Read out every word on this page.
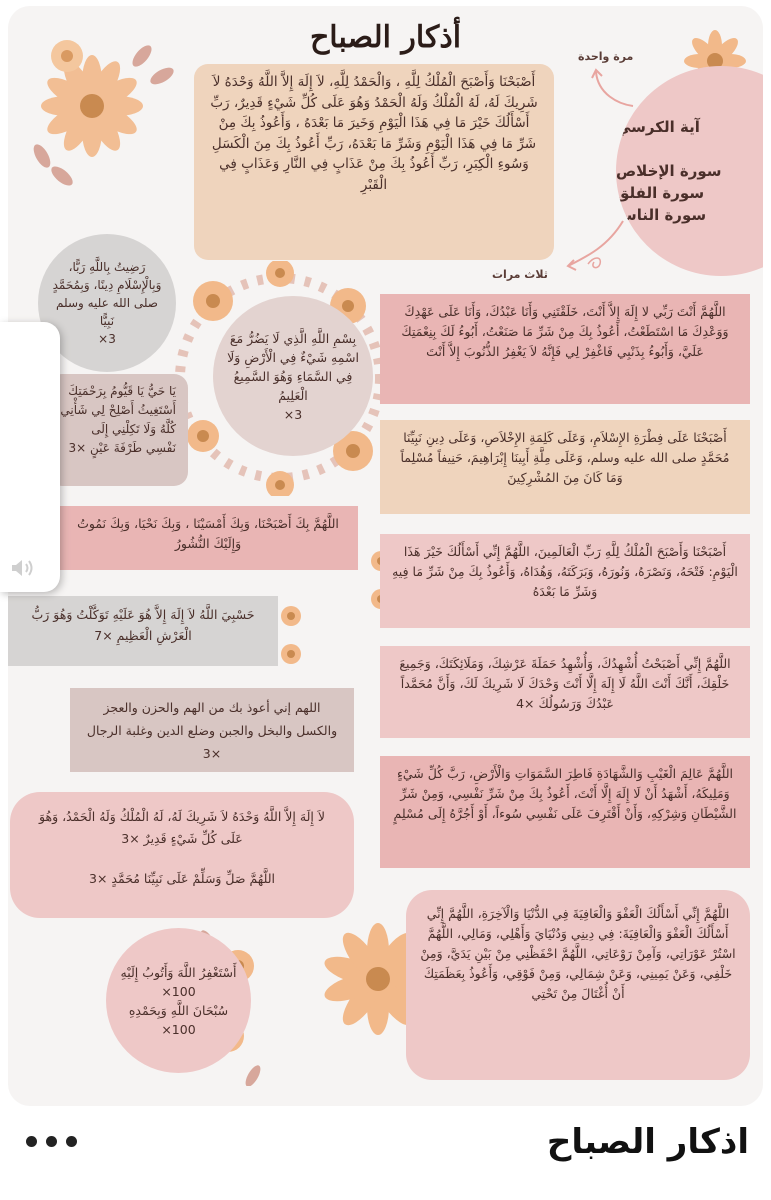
أذكار الصباح
مرة واحدة
ثلاث مرات
أَصْبَحْنَا وَأَصْبَحَ الْمُلْكُ لِلَّهِ ، وَالْحَمْدُ لِلَّهِ، لاَ إِلَهَ إِلاَّ اللَّهُ وَحْدَهُ لاَ شَرِيكَ لَهُ، لَهُ الْمُلْكُ وَلَهُ الْحَمْدُ وَهُوَ عَلَى كُلِّ شَيْءٍ قَدِيرٌ، رَبِّ أَسْأَلُكَ خَيْرَ مَا فِي هَذَا الْيَوْمِ وَخَيرَ مَا بَعْدَهُ ، وَأَعُوذُ بِكَ مِنْ شَرِّ مَا فِي هَذَا الْيَوْمِ وَشَرِّ مَا بَعْدَهُ، رَبِّ أَعُوذُ بِكَ مِنَ الْكَسَلِ وَسُوءِ الْكِبَرِ، رَبِّ أَعُوذُ بِكَ مِنْ عَذَابٍ فِي النَّارِ وَعَذَابٍ فِي الْقَبْرِ
آية الكرسي
سورة الإخلاص
سورة الفلق
سورة الناس
رَضِيتُ بِاللَّهِ رَبًّا، وَبِالْإِسْلَامِ دِينًا، وَبِمُحَمَّدٍ صلى الله عليه وسلم نَبِيًّا
×3	بِسْمِ اللَّهِ الَّذِي لَا يَضُرُّ مَعَ اسْمِهِ شَيْءٌ فِي الْأَرْضِ وَلَا فِي السَّمَاءِ وَهُوَ السَّمِيعُ الْعَلِيمُ
×3
اللَّهُمَّ أَنْتَ رَبِّي لا إِلَهَ إِلاَّ أَنْتَ، خَلَقْتَنِي وَأَنَا عَبْدُكَ، وَأَنَا عَلَى عَهْدِكَ وَوَعْدِكَ مَا اسْتَطَعْتُ، أَعُوذُ بِكَ مِنْ شَرِّ مَا صَنَعْتُ، أَبُوءُ لَكَ بِنِعْمَتِكَ عَلَيَّ، وَأَبُوءُ بِذَنْبِي فَاغْفِرْ لِي فَإِنَّهُ لاَ يَغْفِرُ الذُّنُوبَ إِلاَّ أَنْتَ
يَا حَيُّ يَا قَيُّومُ بِرَحْمَتِكَ أَسْتَغِيثُ أَصْلِحْ لِي شَأْنِي كُلَّهُ وَلَا تَكِلْنِي إِلَى نَفْسِي طَرْفَةَ عَيْنٍ ×3
أَصْبَحْنَا عَلَى فِطْرَةِ الإِسْلاَمِ، وَعَلَى كَلِمَةِ الإِخْلاَصِ، وَعَلَى دِينِ نَبِيِّنَا مُحَمَّدٍ صلى الله عليه وسلم، وَعَلَى مِلَّةِ أَبِينَا إِبْرَاهِيمَ، حَنِيفاً مُسْلِماً وَمَا كَانَ مِنَ المُشْرِكِينَ
اللَّهُمَّ بِكَ أَصْبَحْنَا، وَبِكَ أَمْسَيْنَا ، وَبِكَ نَحْيَا، وَبِكَ نَمُوتُ وَإِلَيْكَ النُّشُورُ
أَصْبَحْنَا وَأَصْبَحَ الْمُلْكُ لِلَّهِ رَبِّ الْعَالَمِينَ، اللَّهُمَّ إِنِّي أَسْأَلُكَ خَيْرَ هَذَا الْيَوْمِ: فَتْحَهُ، وَنَصْرَهُ، وَنُورَهُ، وَبَرَكَتَهُ، وَهُدَاهُ، وَأَعُوذُ بِكَ مِنْ شَرِّ مَا فِيهِ وَشَرِّ مَا بَعْدَهُ
حَسْبِيَ اللَّهُ لاَ إِلَهَ إِلاَّ هُوَ عَلَيْهِ تَوَكَّلْتُ وَهُوَ رَبُّ الْعَرْشِ الْعَظِيمِ ×7
اللَّهُمَّ إِنِّي أَصْبَحْتُ أُشْهِدُكَ، وَأُشْهِدُ حَمَلَةَ عَرْشِكَ، وَمَلَائِكَتَكَ، وَجَمِيعَ خَلْقِكَ، أَنَّكَ أَنْتَ اللَّهُ لَا إِلَهَ إِلَّا أَنْتَ وَحْدَكَ لَا شَرِيكَ لَكَ، وَأَنَّ مُحَمَّداً عَبْدُكَ وَرَسُولُكَ ×4
اللهم إني أعوذ بك من الهم والحزن والعجز والكسل والبخل والجبن وضلع الدين وغلبة الرجال ×3
اللَّهُمَّ عَالِمَ الْغَيْبِ وَالشَّهَادَةِ فَاطِرَ السَّمَوَاتِ وَالْأَرْضِ، رَبَّ كُلِّ شَيْءٍ وَمَلِيكَهُ، أَشْهَدُ أَنْ لَا إِلَهَ إِلَّا أَنْتَ، أَعُوذُ بِكَ مِنْ شَرِّ نَفْسِي، وَمِنْ شَرِّ الشَّيْطَانِ وَشِرْكِهِ، وَأَنْ أَقْتَرِفَ عَلَى نَفْسِي سُوءاً، أَوْ أَجُرَّهُ إِلَى مُسْلِمٍ
لاَ إِلَهَ إِلاَّ اللَّهُ وَحْدَهُ لاَ شَرِيكَ لَهُ، لَهُ الْمُلْكُ وَلَهُ الْحَمْدُ، وَهُوَ عَلَى كُلِّ شَيْءٍ قَدِيرٌ ×3
اللَّهُمَّ صَلِّ وَسَلِّمْ عَلَى نَبِيِّنَا مُحَمَّدٍ ×3
اللَّهُمَّ إِنِّي أَسْأَلُكَ الْعَفْوَ وَالْعَافِيَةَ فِي الدُّنْيَا وَالْآخِرَةِ، اللَّهُمَّ إِنِّي أَسْأَلُكَ الْعَفْوَ وَالْعَافِيَةَ: فِي دِينِي وَدُنْيَايَ وَأَهْلِي، وَمَالِي، اللَّهُمَّ اسْتُرْ عَوْرَاتِي، وَآمِنْ رَوْعَاتِي، اللَّهُمَّ احْفَظْنِي مِنْ بَيْنِ يَدَيَّ، وَمِنْ خَلْفِي، وَعَنْ يَمِينِي، وَعَنْ شِمَالِي، وَمِنْ فَوْقِي، وَأَعُوذُ بِعَظَمَتِكَ أَنْ أُغْتَالَ مِنْ تَحْتِي
أَسْتَغْفِرُ اللَّهَ وَأَتُوبُ إِلَيْهِ
×100
سُبْحَانَ اللَّهِ وَبِحَمْدِهِ
×100
اذكار الصباح
